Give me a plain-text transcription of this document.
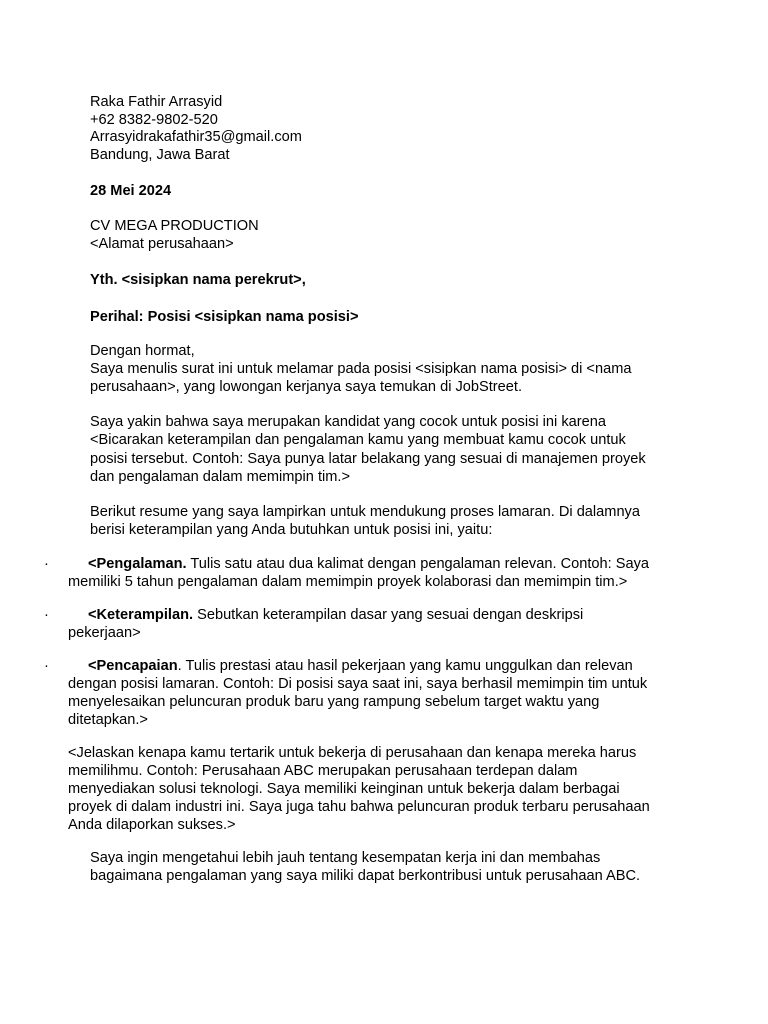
Raka Fathir Arrasyid
+62 8382-9802-520
Arrasyidrakafathir35@gmail.com
Bandung, Jawa Barat
28 Mei 2024
CV MEGA PRODUCTION
<Alamat perusahaan>
Yth. <sisipkan nama perekrut>,
Perihal: Posisi <sisipkan nama posisi>
Dengan hormat,
Saya menulis surat ini untuk melamar pada posisi <sisipkan nama posisi> di <nama
perusahaan>, yang lowongan kerjanya saya temukan di JobStreet.
Saya yakin bahwa saya merupakan kandidat yang cocok untuk posisi ini karena
<Bicarakan keterampilan dan pengalaman kamu yang membuat kamu cocok untuk
posisi tersebut. Contoh: Saya punya latar belakang yang sesuai di manajemen proyek
dan pengalaman dalam memimpin tim.>
Berikut resume yang saya lampirkan untuk mendukung proses lamaran. Di dalamnya
berisi keterampilan yang Anda butuhkan untuk posisi ini, yaitu:
·	<Pengalaman. Tulis satu atau dua kalimat dengan pengalaman relevan. Contoh: Saya
memiliki 5 tahun pengalaman dalam memimpin proyek kolaborasi dan memimpin tim.>
·	<Keterampilan. Sebutkan keterampilan dasar yang sesuai dengan deskripsi
pekerjaan>
·	<Pencapaian. Tulis prestasi atau hasil pekerjaan yang kamu unggulkan dan relevan
dengan posisi lamaran. Contoh: Di posisi saya saat ini, saya berhasil memimpin tim untuk
menyelesaikan peluncuran produk baru yang rampung sebelum target waktu yang
ditetapkan.>
<Jelaskan kenapa kamu tertarik untuk bekerja di perusahaan dan kenapa mereka harus
memilihmu. Contoh: Perusahaan ABC merupakan perusahaan terdepan dalam
menyediakan solusi teknologi. Saya memiliki keinginan untuk bekerja dalam berbagai
proyek di dalam industri ini. Saya juga tahu bahwa peluncuran produk terbaru perusahaan
Anda dilaporkan sukses.>
Saya ingin mengetahui lebih jauh tentang kesempatan kerja ini dan membahas
bagaimana pengalaman yang saya miliki dapat berkontribusi untuk perusahaan ABC.
